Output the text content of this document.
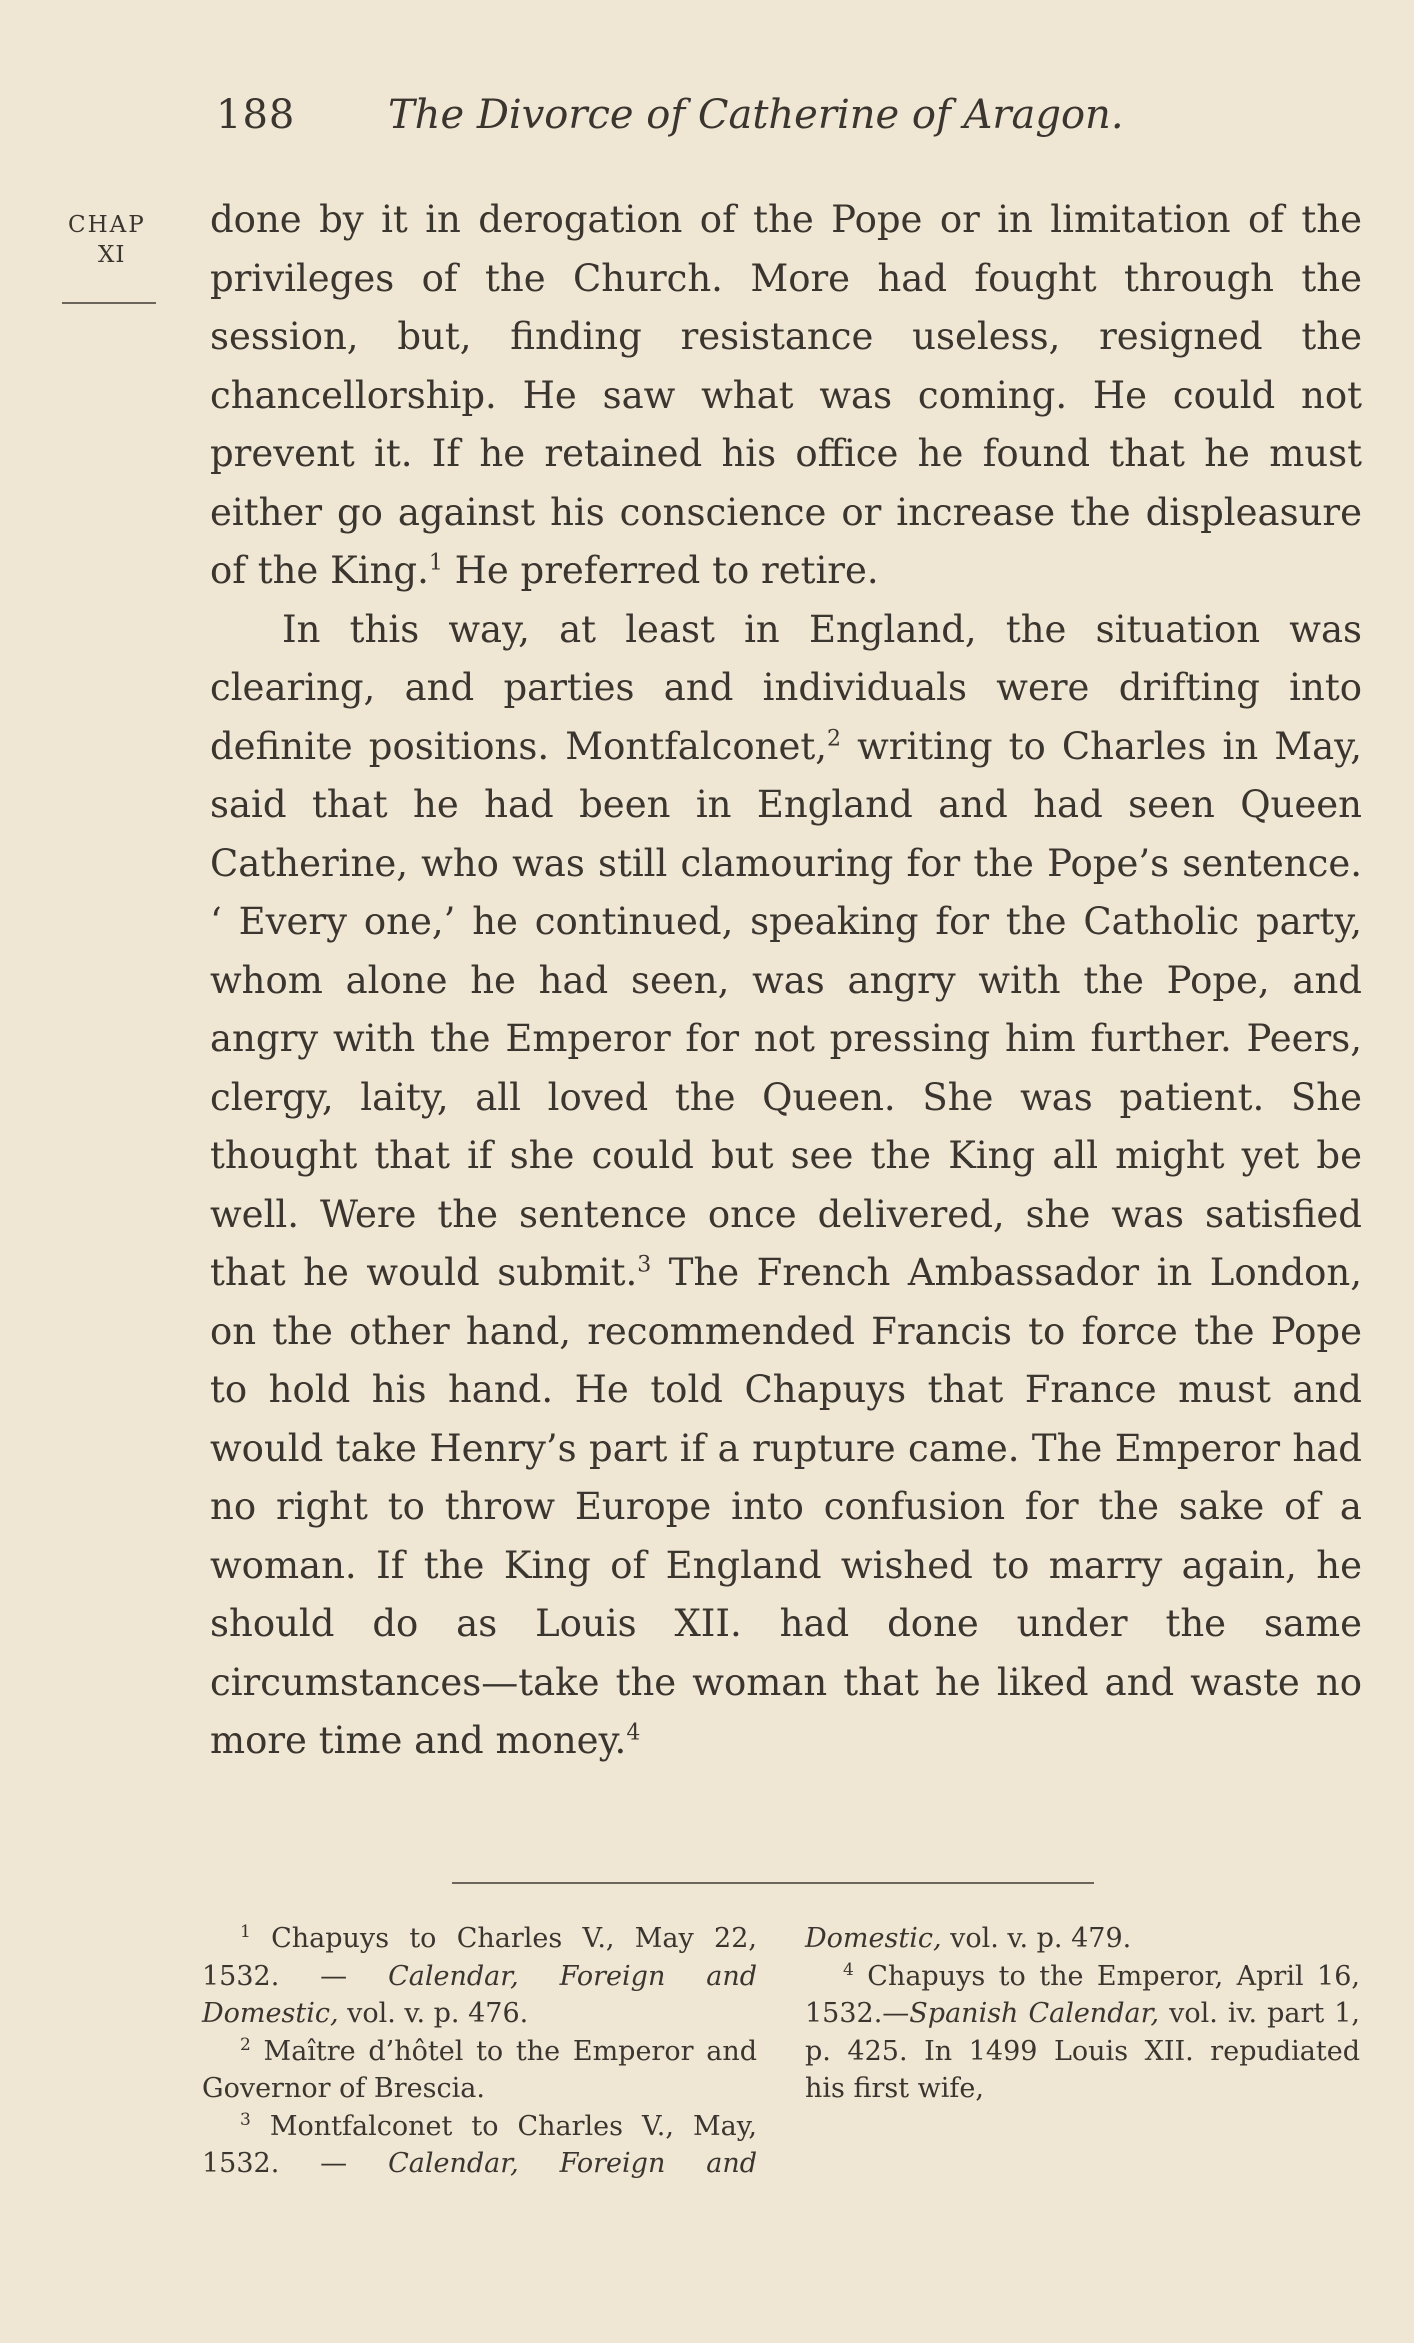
188 The Divorce of Catherine of Aragon.
CHAP
XI

done by it in derogation of the Pope or in limitation of the privileges of the Church. More had fought through the session, but, finding resistance useless, resigned the chancellorship. He saw what was coming. He could not prevent it. If he retained his office he found that he must either go against his conscience or increase the displeasure of the King.$^1$ He preferred to retire.

In this way, at least in England, the situation was clearing, and parties and individuals were drifting into definite positions. Montfalconet,$^2$ writing to Charles in May, said that he had been in England and had seen Queen Catherine, who was still clamouring for the Pope’s sentence. ‘ Every one,’ he continued, speaking for the Catholic party, whom alone he had seen, was angry with the Pope, and angry with the Emperor for not pressing him further. Peers, clergy, laity, all loved the Queen. She was patient. She thought that if she could but see the King all might yet be well. Were the sentence once delivered, she was satisfied that he would submit.$^3$ The French Ambassador in London, on the other hand, recommended Francis to force the Pope to hold his hand. He told Chapuys that France must and would take Henry’s part if a rupture came. The Emperor had no right to throw Europe into confusion for the sake of a woman. If the King of England wished to marry again, he should do as Louis XII. had done under the same circumstances—take the woman that he liked and waste no more time and money.$^4$

$^1$ Chapuys to Charles V., May 22, 1532. — Calendar, Foreign and Domestic, vol. v. p. 476.

$^2$ Maître d’hôtel to the Emperor and Governor of Brescia.

$^3$ Montfalconet to Charles V., May, 1532. — Calendar, Foreign and Domestic, vol. v. p. 479.

$^4$ Chapuys to the Emperor, April 16, 1532.—Spanish Calendar, vol. iv. part 1, p. 425. In 1499 Louis XII. repudiated his first wife,
